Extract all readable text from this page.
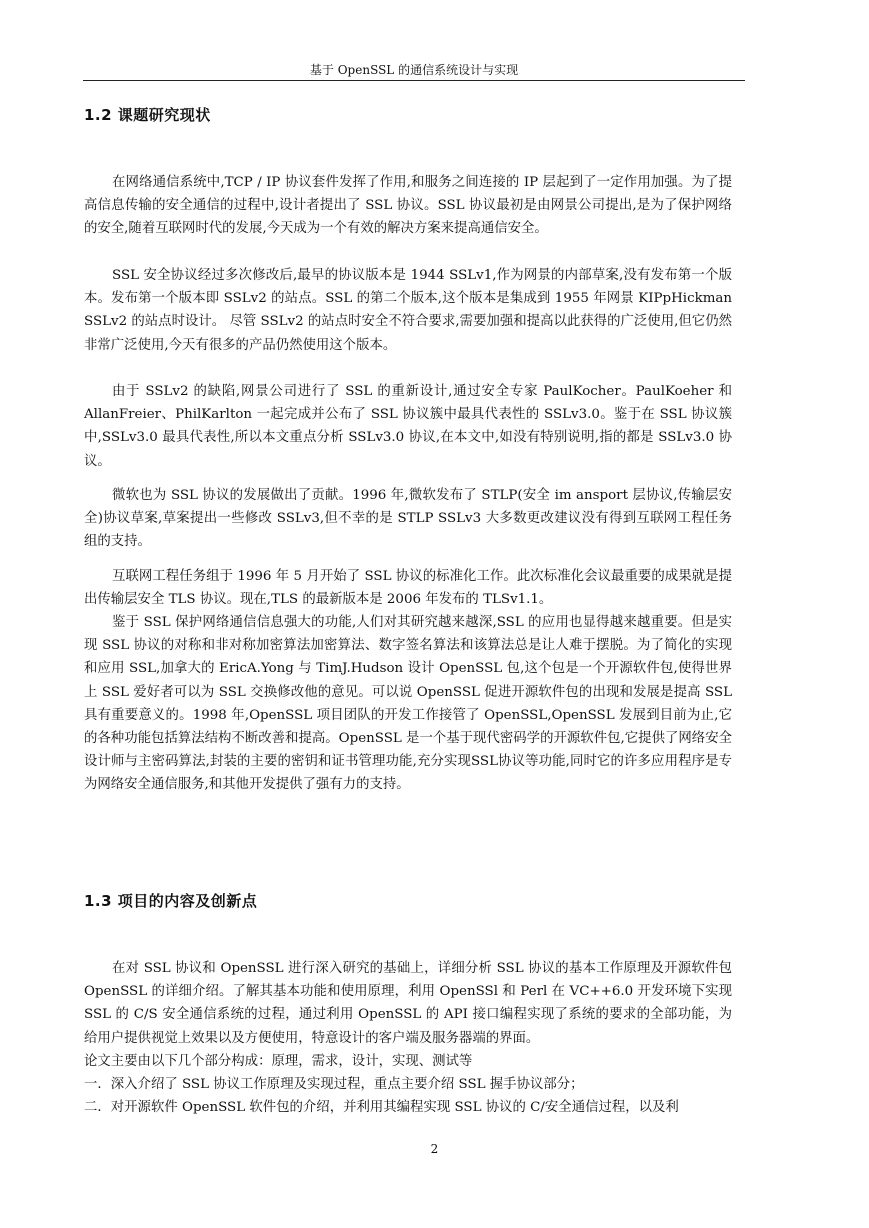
基于 OpenSSL 的通信系统设计与实现
1.2 课题研究现状

在网络通信系统中,TCP / IP 协议套件发挥了作用,和服务之间连接的 IP 层起到了一定作用加强。为了提高信息传输的安全通信的过程中,设计者提出了 SSL 协议。SSL 协议最初是由网景公司提出,是为了保护网络的安全,随着互联网时代的发展,今天成为一个有效的解决方案来提高通信安全。

SSL 安全协议经过多次修改后,最早的协议版本是 1944 SSLv1,作为网景的内部草案,没有发布第一个版本。发布第一个版本即 SSLv2 的站点。SSL 的第二个版本,这个版本是集成到 1955 年网景 KIPpHickman SSLv2 的站点时设计。 尽管 SSLv2 的站点时安全不符合要求,需要加强和提高以此获得的广泛使用,但它仍然非常广泛使用,今天有很多的产品仍然使用这个版本。

由于 SSLv2 的缺陷,网景公司进行了 SSL 的重新设计,通过安全专家 PaulKocher。PaulKoeher 和 AllanFreier、PhilKarlton 一起完成并公布了 SSL 协议簇中最具代表性的 SSLv3.0。鉴于在 SSL 协议簇中,SSLv3.0 最具代表性,所以本文重点分析 SSLv3.0 协议,在本文中,如没有特别说明,指的都是 SSLv3.0 协议。

微软也为 SSL 协议的发展做出了贡献。1996 年,微软发布了 STLP(安全 im ansport 层协议,传输层安全)协议草案,草案提出一些修改 SSLv3,但不幸的是 STLP SSLv3 大多数更改建议没有得到互联网工程任务组的支持。

互联网工程任务组于 1996 年 5 月开始了 SSL 协议的标准化工作。此次标准化会议最重要的成果就是提出传输层安全 TLS 协议。现在,TLS 的最新版本是 2006 年发布的 TLSv1.1。

鉴于 SSL 保护网络通信信息强大的功能,人们对其研究越来越深,SSL 的应用也显得越来越重要。但是实现 SSL 协议的对称和非对称加密算法加密算法、数字签名算法和该算法总是让人难于摆脱。为了简化的实现和应用 SSL,加拿大的 EricA.Yong 与 TimJ.Hudson 设计 OpenSSL 包,这个包是一个开源软件包,使得世界上 SSL 爱好者可以为 SSL 交换修改他的意见。可以说 OpenSSL 促进开源软件包的出现和发展是提高 SSL 具有重要意义的。1998 年,OpenSSL 项目团队的开发工作接管了 OpenSSL,OpenSSL 发展到目前为止,它的各种功能包括算法结构不断改善和提高。OpenSSL 是一个基于现代密码学的开源软件包,它提供了网络安全设计师与主密码算法,封装的主要的密钥和证书管理功能,充分实现SSL协议等功能,同时它的许多应用程序是专为网络安全通信服务,和其他开发提供了强有力的支持。

1.3 项目的内容及创新点

在对 SSL 协议和 OpenSSL 进行深入研究的基础上，详细分析 SSL 协议的基本工作原理及开源软件包 OpenSSL 的详细介绍。了解其基本功能和使用原理，利用 OpenSSl 和 Perl 在 VC++6.0 开发环境下实现 SSL 的 C/S 安全通信系统的过程，通过利用 OpenSSL 的 API 接口编程实现了系统的要求的全部功能，为给用户提供视觉上效果以及方便使用，特意设计的客户端及服务器端的界面。

论文主要由以下几个部分构成：原理，需求，设计，实现、测试等

一．深入介绍了 SSL 协议工作原理及实现过程，重点主要介绍 SSL 握手协议部分；
二．对开源软件 OpenSSL 软件包的介绍，并利用其编程实现 SSL 协议的 C/安全通信过程，以及利
2
